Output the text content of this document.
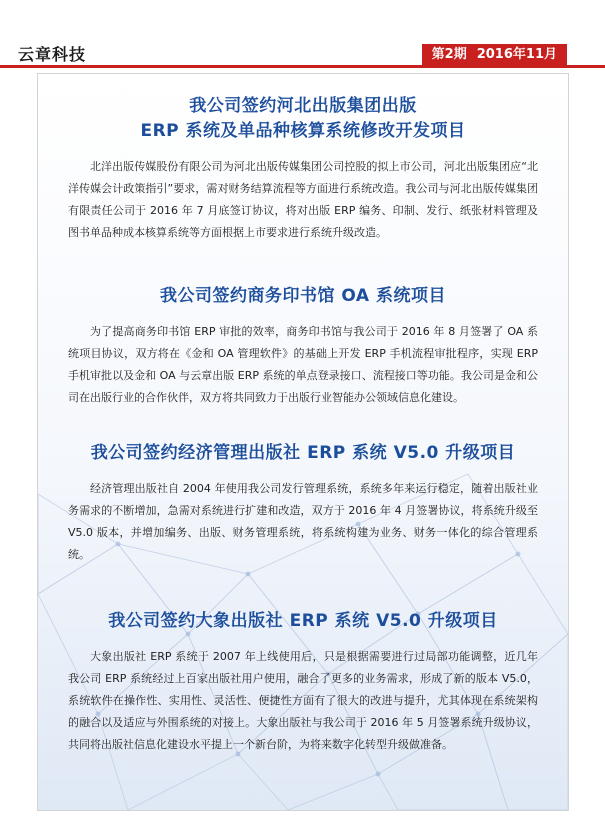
云章科技	第2期 2016年11月
我公司签约河北出版集团出版
ERP 系统及单品种核算系统修改开发项目

北洋出版传媒股份有限公司为河北出版传媒集团公司控股的拟上市公司，河北出版集团应“北洋传媒会计政策指引”要求，需对财务结算流程等方面进行系统改造。我公司与河北出版传媒集团有限责任公司于 2016 年 7 月底签订协议，将对出版 ERP 编务、印制、发行、纸张材料管理及图书单品种成本核算系统等方面根据上市要求进行系统升级改造。

我公司签约商务印书馆 OA 系统项目

为了提高商务印书馆 ERP 审批的效率，商务印书馆与我公司于 2016 年 8 月签署了 OA 系统项目协议，双方将在《金和 OA 管理软件》的基础上开发 ERP 手机流程审批程序，实现 ERP 手机审批以及金和 OA 与云章出版 ERP 系统的单点登录接口、流程接口等功能。我公司是金和公司在出版行业的合作伙伴，双方将共同致力于出版行业智能办公领域信息化建设。

我公司签约经济管理出版社 ERP 系统 V5.0 升级项目

经济管理出版社自 2004 年使用我公司发行管理系统，系统多年来运行稳定，随着出版社业务需求的不断增加，急需对系统进行扩建和改造，双方于 2016 年 4 月签署协议，将系统升级至 V5.0 版本，并增加编务、出版、财务管理系统，将系统构建为业务、财务一体化的综合管理系统。

我公司签约大象出版社 ERP 系统 V5.0 升级项目

大象出版社 ERP 系统于 2007 年上线使用后，只是根据需要进行过局部功能调整，近几年我公司 ERP 系统经过上百家出版社用户使用，融合了更多的业务需求，形成了新的版本 V5.0，系统软件在操作性、实用性、灵活性、便捷性方面有了很大的改进与提升，尤其体现在系统架构的融合以及适应与外围系统的对接上。大象出版社与我公司于 2016 年 5 月签署系统升级协议，共同将出版社信息化建设水平提上一个新台阶，为将来数字化转型升级做准备。
